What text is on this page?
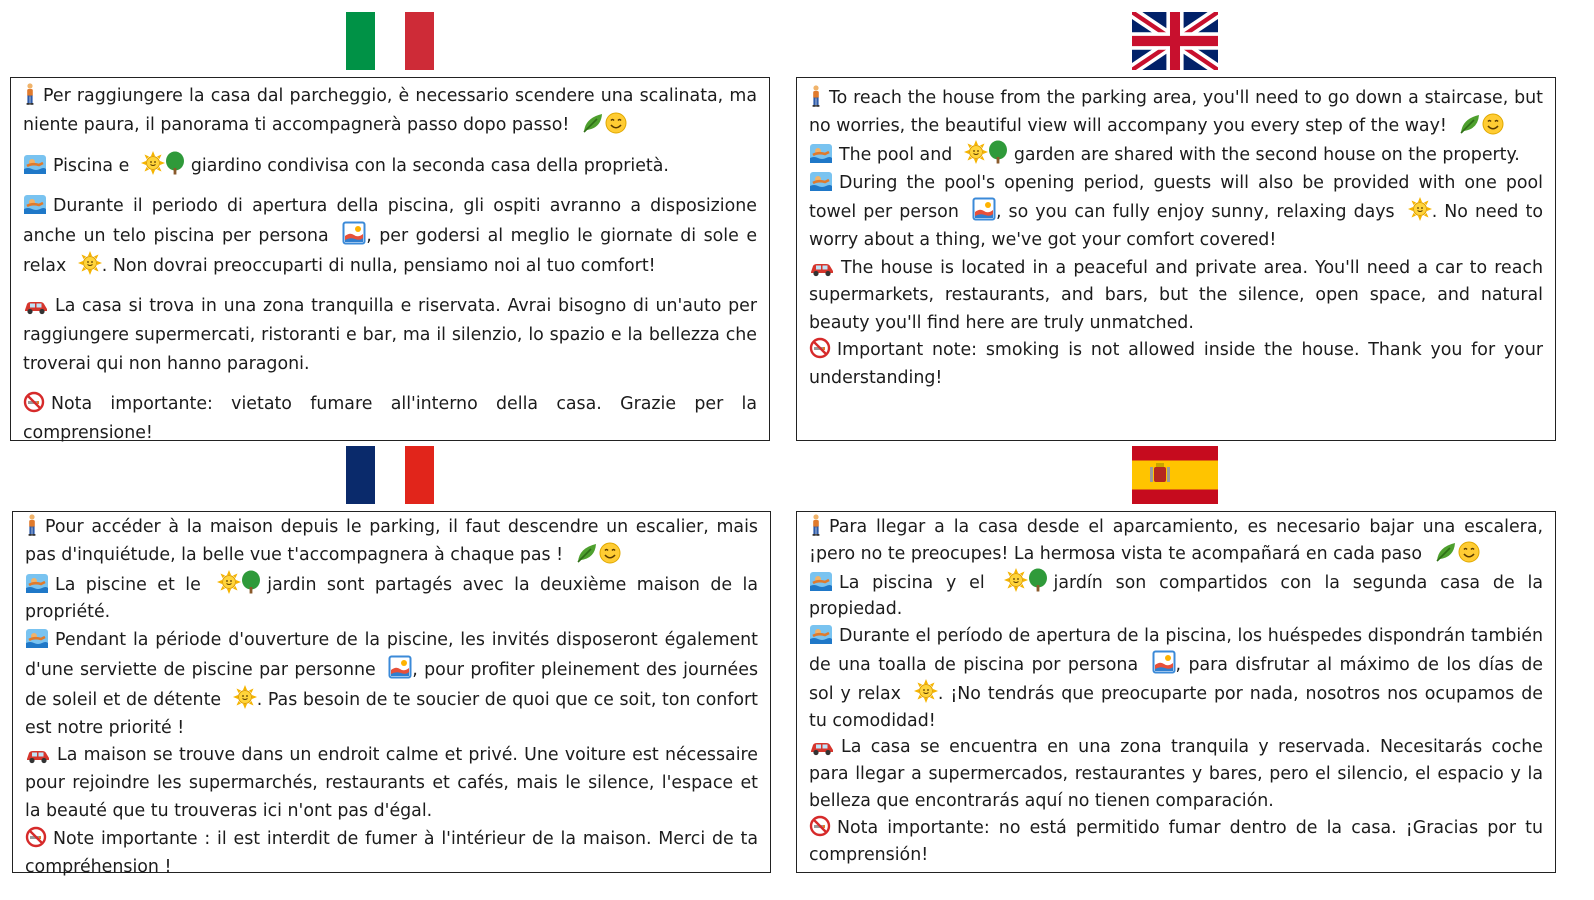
Per raggiungere la casa dal parcheggio, è necessario scendere una scalinata, ma niente paura, il panorama ti accompagnerà passo dopo passo!

Piscina e	giardino condivisa con la seconda casa della proprietà.

Durante il periodo di apertura della piscina, gli ospiti avranno a disposizione anche un telo piscina per persona , per godersi al meglio le giornate di sole e relax . Non dovrai preoccuparti di nulla, pensiamo noi al tuo comfort!

La casa si trova in una zona tranquilla e riservata. Avrai bisogno di un'auto per raggiungere supermercati, ristoranti e bar, ma il silenzio, lo spazio e la bellezza che troverai qui non hanno paragoni.

Nota importante: vietato fumare all'interno della casa. Grazie per la comprensione!

To reach the house from the parking area, you'll need to go down a staircase, but no worries, the beautiful view will accompany you every step of the way!

The pool and	garden are shared with the second house on the property.

During the pool's opening period, guests will also be provided with one pool towel per person , so you can fully enjoy sunny, relaxing days . No need to worry about a thing, we've got your comfort covered!

The house is located in a peaceful and private area. You'll need a car to reach supermarkets, restaurants, and bars, but the silence, open space, and natural beauty you'll find here are truly unmatched.

Important note: smoking is not allowed inside the house. Thank you for your understanding!

Pour accéder à la maison depuis le parking, il faut descendre un escalier, mais pas d'inquiétude, la belle vue t'accompagnera à chaque pas !

La piscine et le	jardin sont partagés avec la deuxième maison de la propriété.

Pendant la période d'ouverture de la piscine, les invités disposeront également d'une serviette de piscine par personne , pour profiter pleinement des journées de soleil et de détente . Pas besoin de te soucier de quoi que ce soit, ton confort est notre priorité !

La maison se trouve dans un endroit calme et privé. Une voiture est nécessaire pour rejoindre les supermarchés, restaurants et cafés, mais le silence, l'espace et la beauté que tu trouveras ici n'ont pas d'égal.

Note importante : il est interdit de fumer à l'intérieur de la maison. Merci de ta compréhension !

Para llegar a la casa desde el aparcamiento, es necesario bajar una escalera, ¡pero no te preocupes! La hermosa vista te acompañará en cada paso

La piscina y el	jardín son compartidos con la segunda casa de la propiedad.

Durante el período de apertura de la piscina, los huéspedes dispondrán también de una toalla de piscina por persona , para disfrutar al máximo de los días de sol y relax . ¡No tendrás que preocuparte por nada, nosotros nos ocupamos de tu comodidad!

La casa se encuentra en una zona tranquila y reservada. Necesitarás coche para llegar a supermercados, restaurantes y bares, pero el silencio, el espacio y la belleza que encontrarás aquí no tienen comparación.

Nota importante: no está permitido fumar dentro de la casa. ¡Gracias por tu comprensión!
